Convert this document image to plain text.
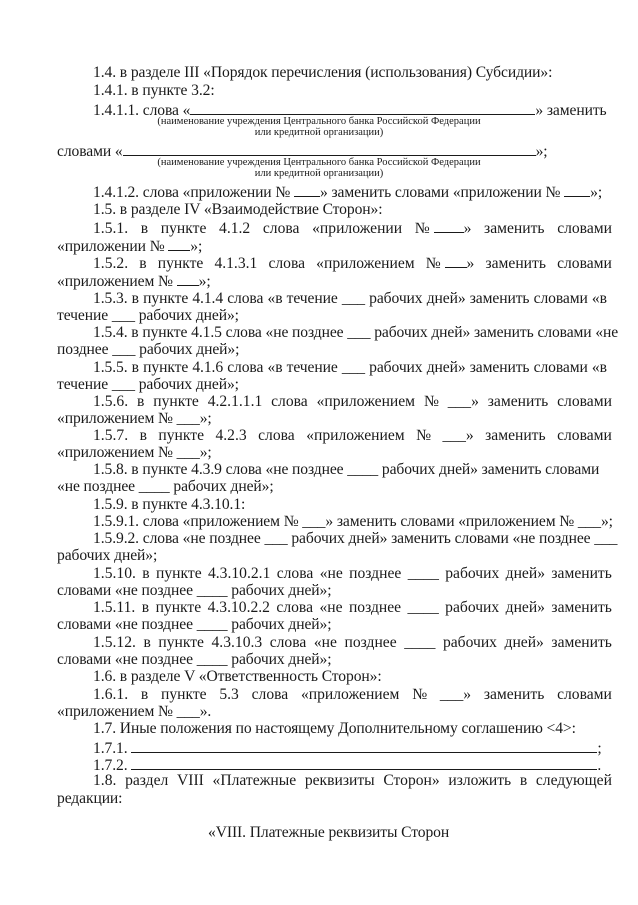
1.4. в разделе III «Порядок перечисления (использования) Субсидии»:
1.4.1. в пункте 3.2:
1.4.1.1. слова «	» заменить
(наименование учреждения Центрального банка Российской Федерации
или кредитной организации)
словами «	»;
(наименование учреждения Центрального банка Российской Федерации
или кредитной организации)
1.4.1.2. слова «приложении № » заменить словами «приложении № »;
1.5. в разделе IV «Взаимодействие Сторон»:
1.5.1. в пункте 4.1.2 слова «приложении № » заменить словами
«приложении № »;
1.5.2. в пункте 4.1.3.1 слова «приложением № » заменить словами
«приложением № »;
1.5.3. в пункте 4.1.4 слова «в течение ___ рабочих дней» заменить словами «в
течение ___ рабочих дней»;
1.5.4. в пункте 4.1.5 слова «не позднее ___ рабочих дней» заменить словами «не
позднее ___ рабочих дней»;
1.5.5. в пункте 4.1.6 слова «в течение ___ рабочих дней» заменить словами «в
течение ___ рабочих дней»;
1.5.6. в пункте 4.2.1.1.1 слова «приложением № ___» заменить словами
«приложением № ___»;
1.5.7. в пункте 4.2.3 слова «приложением № ___» заменить словами
«приложением № ___»;
1.5.8. в пункте 4.3.9 слова «не позднее ____ рабочих дней» заменить словами
«не позднее ____ рабочих дней»;
1.5.9. в пункте 4.3.10.1:
1.5.9.1. слова «приложением № ___» заменить словами «приложением № ___»;
1.5.9.2. слова «не позднее ___ рабочих дней» заменить словами «не позднее ___
рабочих дней»;
1.5.10. в пункте 4.3.10.2.1 слова «не позднее ____ рабочих дней» заменить
словами «не позднее ____ рабочих дней»;
1.5.11. в пункте 4.3.10.2.2 слова «не позднее ____ рабочих дней» заменить
словами «не позднее ____ рабочих дней»;
1.5.12. в пункте 4.3.10.3 слова «не позднее ____ рабочих дней» заменить
словами «не позднее ____ рабочих дней»;
1.6. в разделе V «Ответственность Сторон»:
1.6.1. в пункте 5.3 слова «приложением № ___» заменить словами
«приложением № ___».
1.7. Иные положения по настоящему Дополнительному соглашению <4>:
1.7.1.	;
1.7.2.	.
1.8. раздел VIII «Платежные реквизиты Сторон» изложить в следующей
редакции:
«VIII. Платежные реквизиты Сторон
